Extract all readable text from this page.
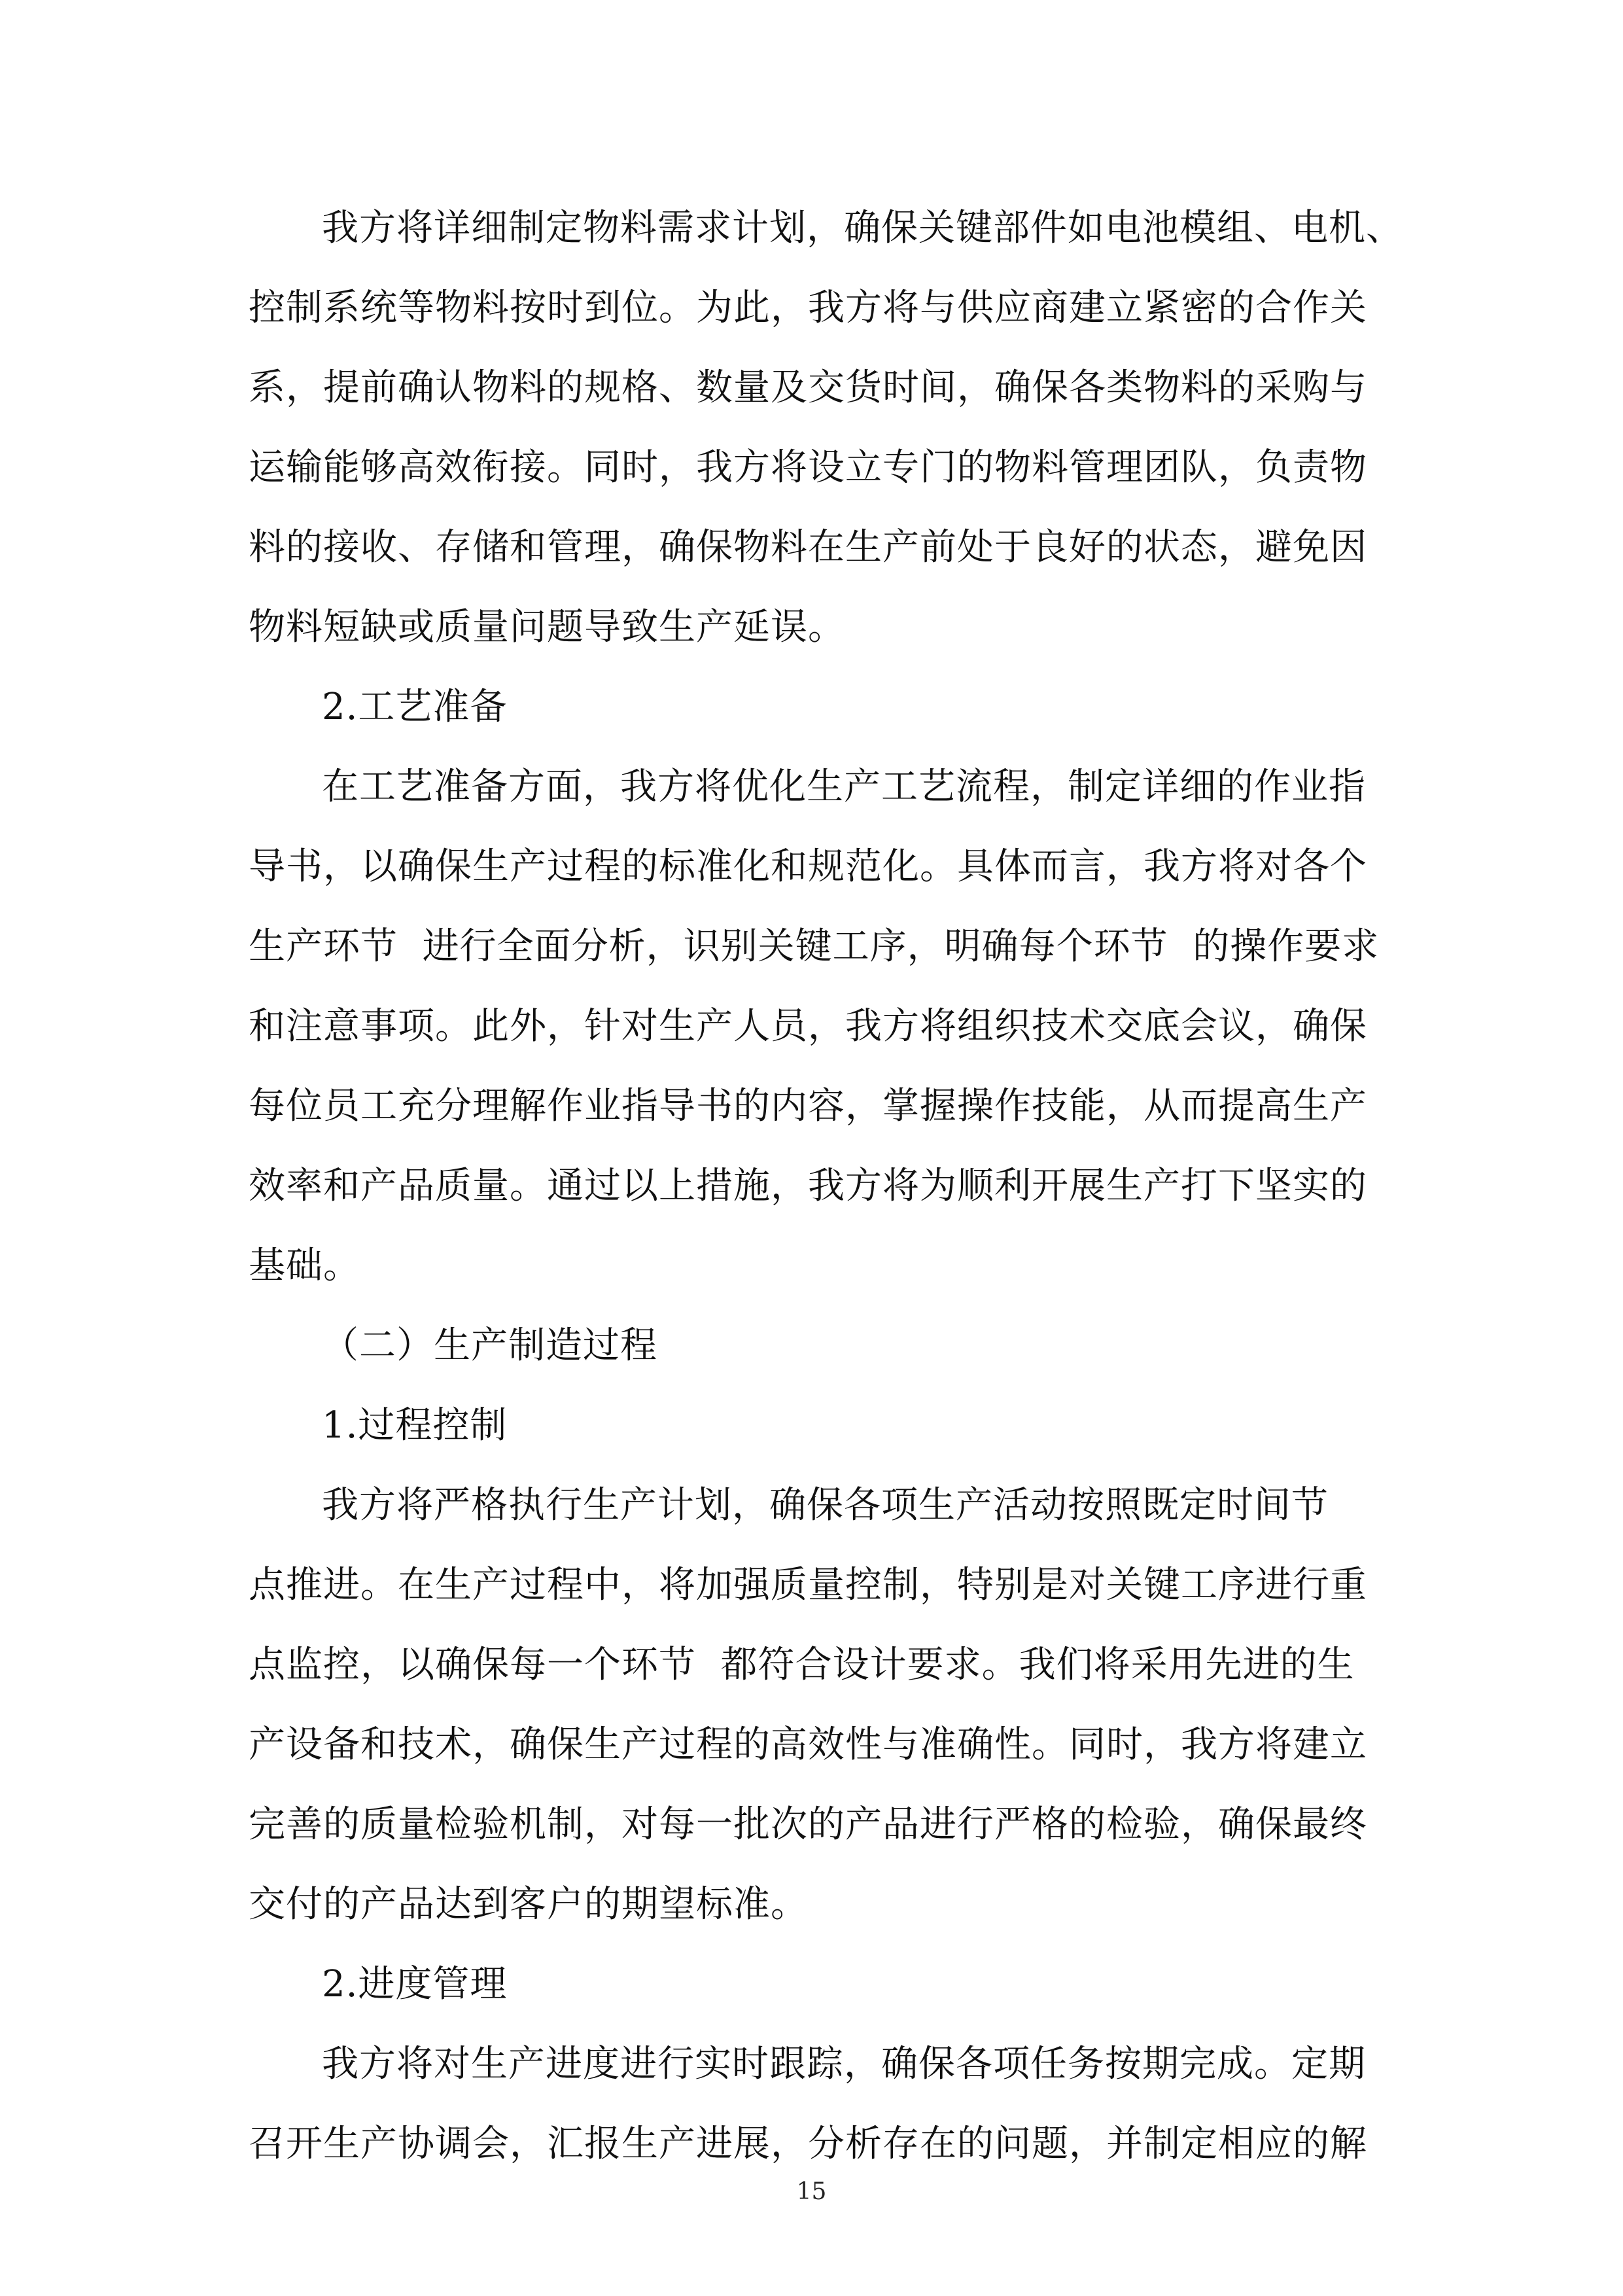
我方将详细制定物料需求计划，确保关键部件如电池模组、电机、
控制系统等物料按时到位。为此，我方将与供应商建立紧密的合作关
系，提前确认物料的规格、数量及交货时间，确保各类物料的采购与
运输能够高效衔接。同时，我方将设立专门的物料管理团队，负责物
料的接收、存储和管理，确保物料在生产前处于良好的状态，避免因
物料短缺或质量问题导致生产延误。
2.工艺准备
在工艺准备方面，我方将优化生产工艺流程，制定详细的作业指
导书，以确保生产过程的标准化和规范化。具体而言，我方将对各个
生产环节  进行全面分析，识别关键工序，明确每个环节  的操作要求
和注意事项。此外，针对生产人员，我方将组织技术交底会议，确保
每位员工充分理解作业指导书的内容，掌握操作技能，从而提高生产
效率和产品质量。通过以上措施，我方将为顺利开展生产打下坚实的
基础。
（二）生产制造过程
1.过程控制
我方将严格执行生产计划，确保各项生产活动按照既定时间节
点推进。在生产过程中，将加强质量控制，特别是对关键工序进行重
点监控，以确保每一个环节  都符合设计要求。我们将采用先进的生
产设备和技术，确保生产过程的高效性与准确性。同时，我方将建立
完善的质量检验机制，对每一批次的产品进行严格的检验，确保最终
交付的产品达到客户的期望标准。
2.进度管理
我方将对生产进度进行实时跟踪，确保各项任务按期完成。定期
召开生产协调会，汇报生产进展，分析存在的问题，并制定相应的解
15
